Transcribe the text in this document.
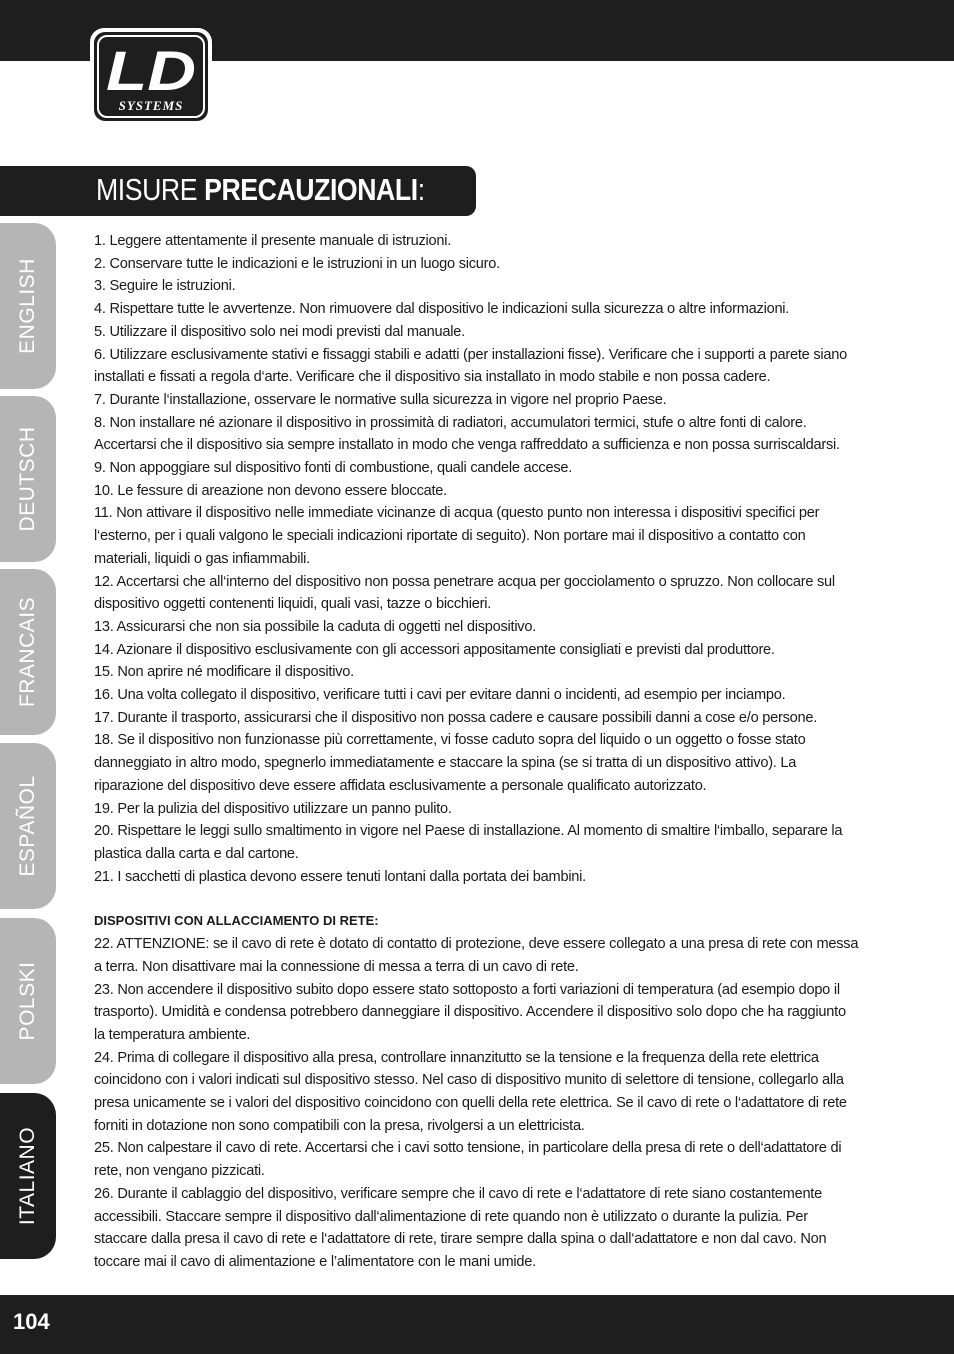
LD
SYSTEMS
MISURE PRECAUZIONALI:
ENGLISH
DEUTSCH
FRANCAIS
ESPAÑOL
POLSKI
ITALIANO

1. Leggere attentamente il presente manuale di istruzioni.

2. Conservare tutte le indicazioni e le istruzioni in un luogo sicuro.

3. Seguire le istruzioni.

4. Rispettare tutte le avvertenze. Non rimuovere dal dispositivo le indicazioni sulla sicurezza o altre informazioni.

5. Utilizzare il dispositivo solo nei modi previsti dal manuale.

6. Utilizzare esclusivamente stativi e fissaggi stabili e adatti (per installazioni fisse). Verificare che i supporti a parete siano installati e fissati a regola d‘arte. Verificare che il dispositivo sia installato in modo stabile e non possa cadere.

7. Durante l‘installazione, osservare le normative sulla sicurezza in vigore nel proprio Paese.

8. Non installare né azionare il dispositivo in prossimità di radiatori, accumulatori termici, stufe o altre fonti di calore. Accertarsi che il dispositivo sia sempre installato in modo che venga raffreddato a sufficienza e non possa surriscaldarsi.

9. Non appoggiare sul dispositivo fonti di combustione, quali candele accese.

10. Le fessure di areazione non devono essere bloccate.

11. Non attivare il dispositivo nelle immediate vicinanze di acqua (questo punto non interessa i dispositivi specifici per l‘esterno, per i quali valgono le speciali indicazioni riportate di seguito). Non portare mai il dispositivo a contatto con materiali, liquidi o gas infiammabili.

12. Accertarsi che all‘interno del dispositivo non possa penetrare acqua per gocciolamento o spruzzo. Non collocare sul dispositivo oggetti contenenti liquidi, quali vasi, tazze o bicchieri.

13. Assicurarsi che non sia possibile la caduta di oggetti nel dispositivo.

14. Azionare il dispositivo esclusivamente con gli accessori appositamente consigliati e previsti dal produttore.

15. Non aprire né modificare il dispositivo.

16. Una volta collegato il dispositivo, verificare tutti i cavi per evitare danni o incidenti, ad esempio per inciampo.

17. Durante il trasporto, assicurarsi che il dispositivo non possa cadere e causare possibili danni a cose e/o persone.

18. Se il dispositivo non funzionasse più correttamente, vi fosse caduto sopra del liquido o un oggetto o fosse stato danneggiato in altro modo, spegnerlo immediatamente e staccare la spina (se si tratta di un dispositivo attivo). La riparazione del dispositivo deve essere affidata esclusivamente a personale qualificato autorizzato.

19. Per la pulizia del dispositivo utilizzare un panno pulito.

20. Rispettare le leggi sullo smaltimento in vigore nel Paese di installazione. Al momento di smaltire l‘imballo, separare la plastica dalla carta e dal cartone.

21. I sacchetti di plastica devono essere tenuti lontani dalla portata dei bambini.

DISPOSITIVI CON ALLACCIAMENTO DI RETE:

22. ATTENZIONE: se il cavo di rete è dotato di contatto di protezione, deve essere collegato a una presa di rete con messa a terra. Non disattivare mai la connessione di messa a terra di un cavo di rete.

23. Non accendere il dispositivo subito dopo essere stato sottoposto a forti variazioni di temperatura (ad esempio dopo il trasporto). Umidità e condensa potrebbero danneggiare il dispositivo. Accendere il dispositivo solo dopo che ha raggiunto la temperatura ambiente.

24. Prima di collegare il dispositivo alla presa, controllare innanzitutto se la tensione e la frequenza della rete elettrica coincidono con i valori indicati sul dispositivo stesso. Nel caso di dispositivo munito di selettore di tensione, collegarlo alla presa unicamente se i valori del dispositivo coincidono con quelli della rete elettrica. Se il cavo di rete o l‘adattatore di rete forniti in dotazione non sono compatibili con la presa, rivolgersi a un elettricista.

25. Non calpestare il cavo di rete. Accertarsi che i cavi sotto tensione, in particolare della presa di rete o dell‘adattatore di rete, non vengano pizzicati.

26. Durante il cablaggio del dispositivo, verificare sempre che il cavo di rete e l‘adattatore di rete siano costantemente accessibili. Staccare sempre il dispositivo dall‘alimentazione di rete quando non è utilizzato o durante la pulizia. Per staccare dalla presa il cavo di rete e l‘adattatore di rete, tirare sempre dalla spina o dall‘adattatore e non dal cavo. Non toccare mai il cavo di alimentazione e l’alimentatore con le mani umide.

104
